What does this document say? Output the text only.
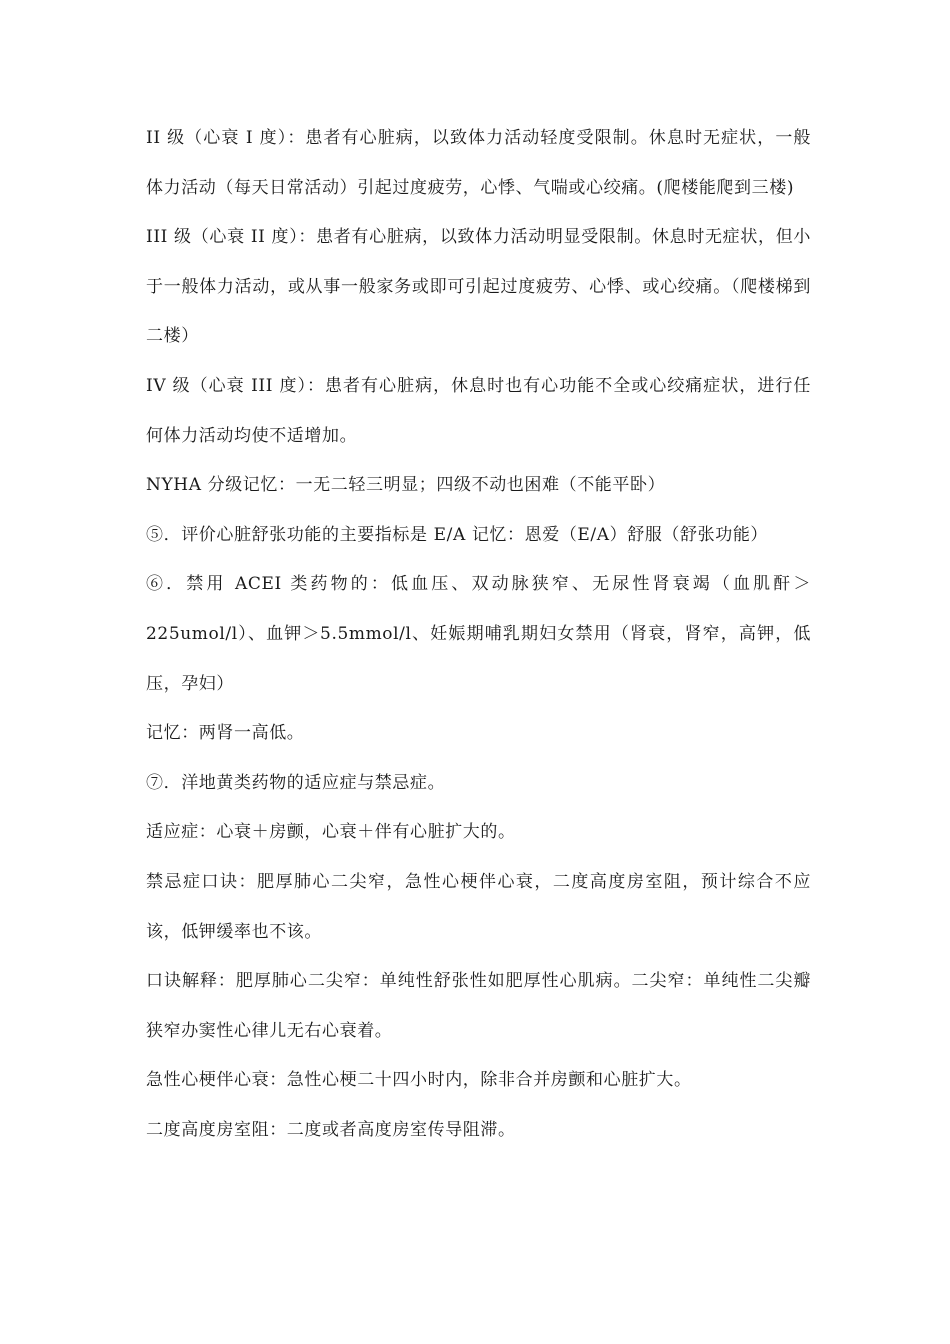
II 级（心衰 I 度）：患者有心脏病，以致体力活动轻度受限制。休息时无症状，一般体力活动（每天日常活动）引起过度疲劳，心悸、气喘或心绞痛。(爬楼能爬到三楼)

III 级（心衰 II 度）：患者有心脏病，以致体力活动明显受限制。休息时无症状，但小于一般体力活动，或从事一般家务或即可引起过度疲劳、心悸、或心绞痛。（爬楼梯到二楼）

IV 级（心衰 III 度）：患者有心脏病，休息时也有心功能不全或心绞痛症状，进行任何体力活动均使不适增加。

NYHA 分级记忆：一无二轻三明显；四级不动也困难（不能平卧）

⑤．评价心脏舒张功能的主要指标是 E/A 记忆：恩爱（E/A）舒服（舒张功能）

⑥．禁用 ACEI 类药物的：低血压、双动脉狭窄、无尿性肾衰竭（血肌酐＞225umol/l）、血钾＞5.5mmol/l、妊娠期哺乳期妇女禁用（肾衰，肾窄，高钾，低压，孕妇）

记忆：两肾一高低。

⑦．洋地黄类药物的适应症与禁忌症。

适应症：心衰＋房颤，心衰＋伴有心脏扩大的。

禁忌症口诀：肥厚肺心二尖窄，急性心梗伴心衰，二度高度房室阻，预计综合不应该，低钾缓率也不该。

口诀解释：肥厚肺心二尖窄：单纯性舒张性如肥厚性心肌病。二尖窄：单纯性二尖瓣狭窄办窦性心律儿无右心衰着。

急性心梗伴心衰：急性心梗二十四小时内，除非合并房颤和心脏扩大。

二度高度房室阻：二度或者高度房室传导阻滞。
